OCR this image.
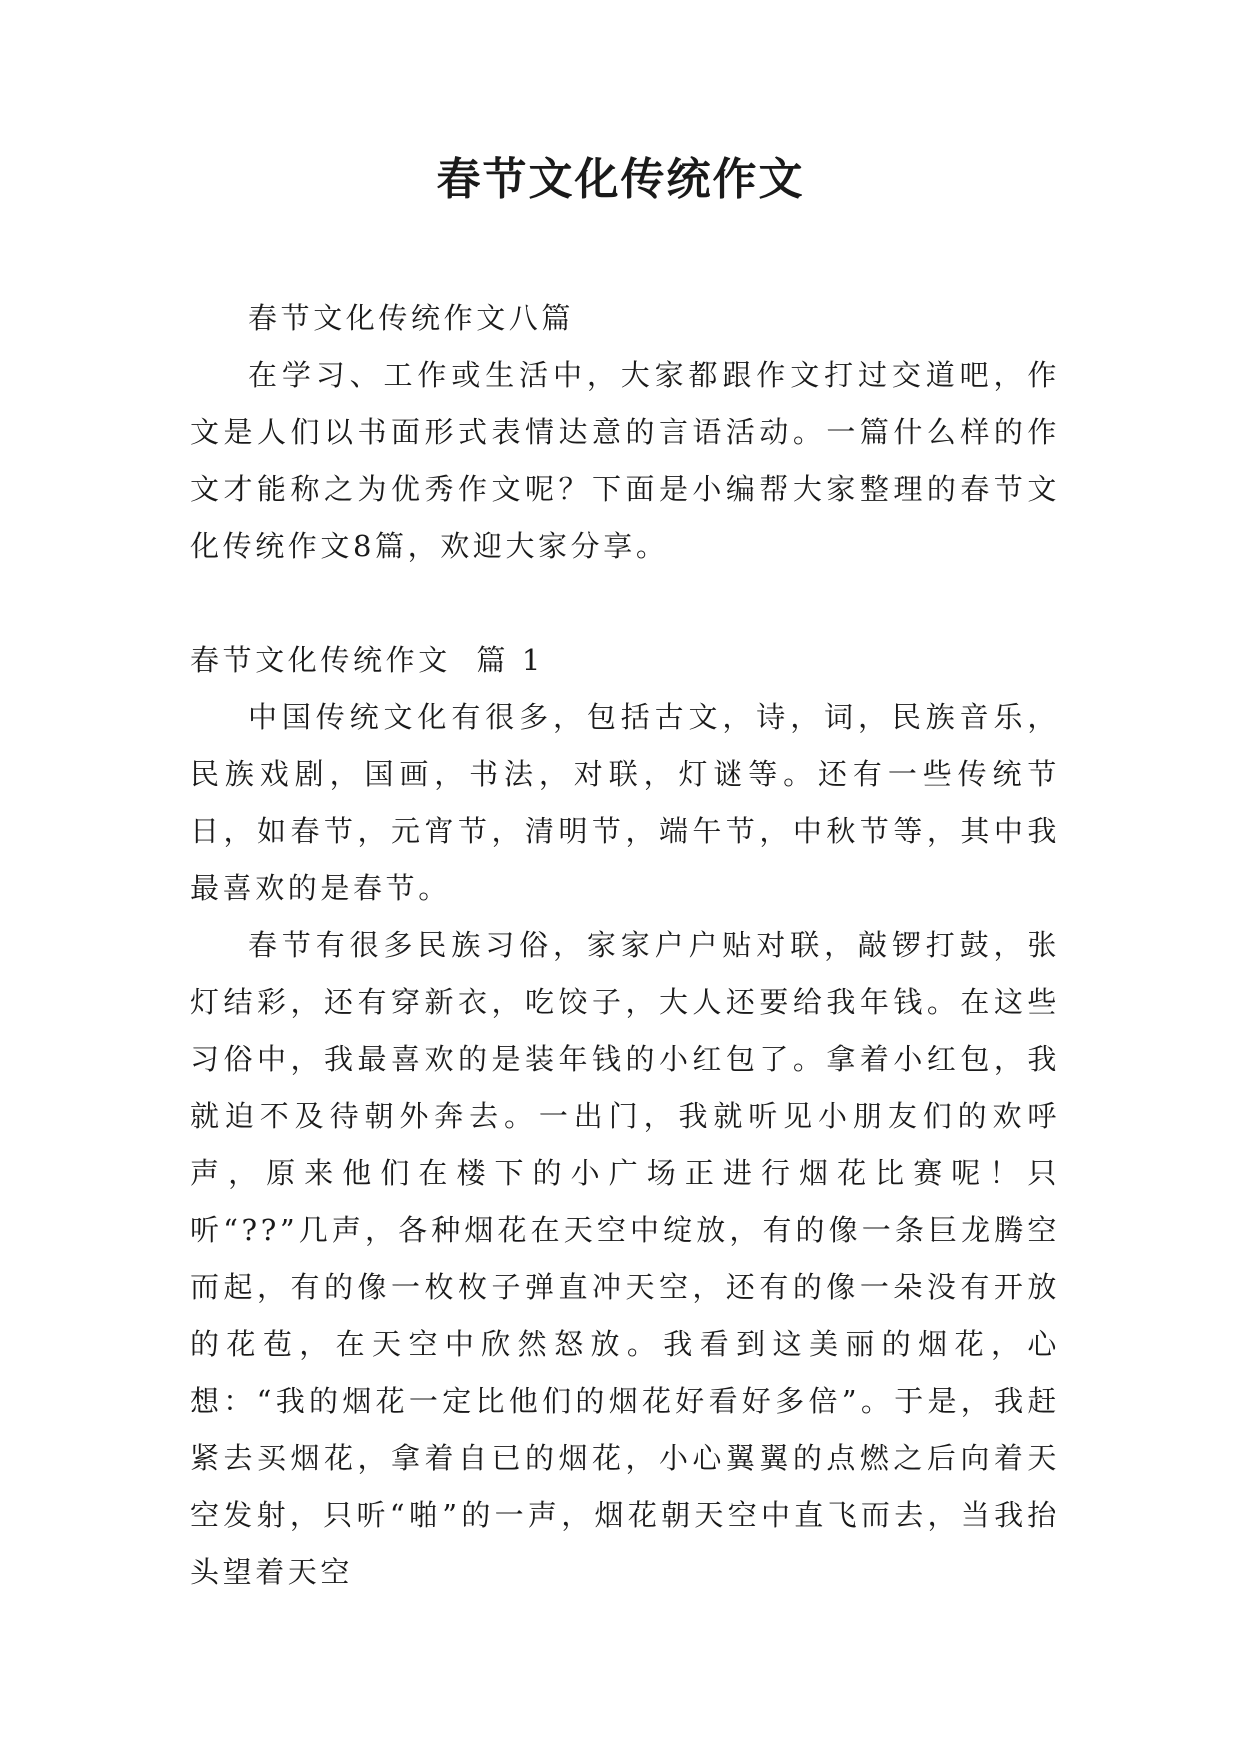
春节文化传统作文

春节文化传统作文八篇

在学习、工作或生活中，大家都跟作文打过交道吧，作文是人们以书面形式表情达意的言语活动。一篇什么样的作文才能称之为优秀作文呢？下面是小编帮大家整理的春节文化传统作文8篇，欢迎大家分享。

春节文化传统作文  篇 1

中国传统文化有很多，包括古文，诗，词，民族音乐，民族戏剧，国画，书法，对联，灯谜等。还有一些传统节日，如春节，元宵节，清明节，端午节，中秋节等，其中我最喜欢的是春节。

春节有很多民族习俗，家家户户贴对联，敲锣打鼓，张灯结彩，还有穿新衣，吃饺子，大人还要给我年钱。在这些习俗中，我最喜欢的是装年钱的小红包了。拿着小红包，我就迫不及待朝外奔去。一出门，我就听见小朋友们的欢呼声，原来他们在楼下的小广场正进行烟花比赛呢！只听“??”几声，各种烟花在天空中绽放，有的像一条巨龙腾空而起，有的像一枚枚子弹直冲天空，还有的像一朵没有开放的花苞，在天空中欣然怒放。我看到这美丽的烟花，心想：“我的烟花一定比他们的烟花好看好多倍”。于是，我赶紧去买烟花，拿着自已的烟花，小心翼翼的点燃之后向着天空发射，只听“啪”的一声，烟花朝天空中直飞而去，当我抬头望着天空
